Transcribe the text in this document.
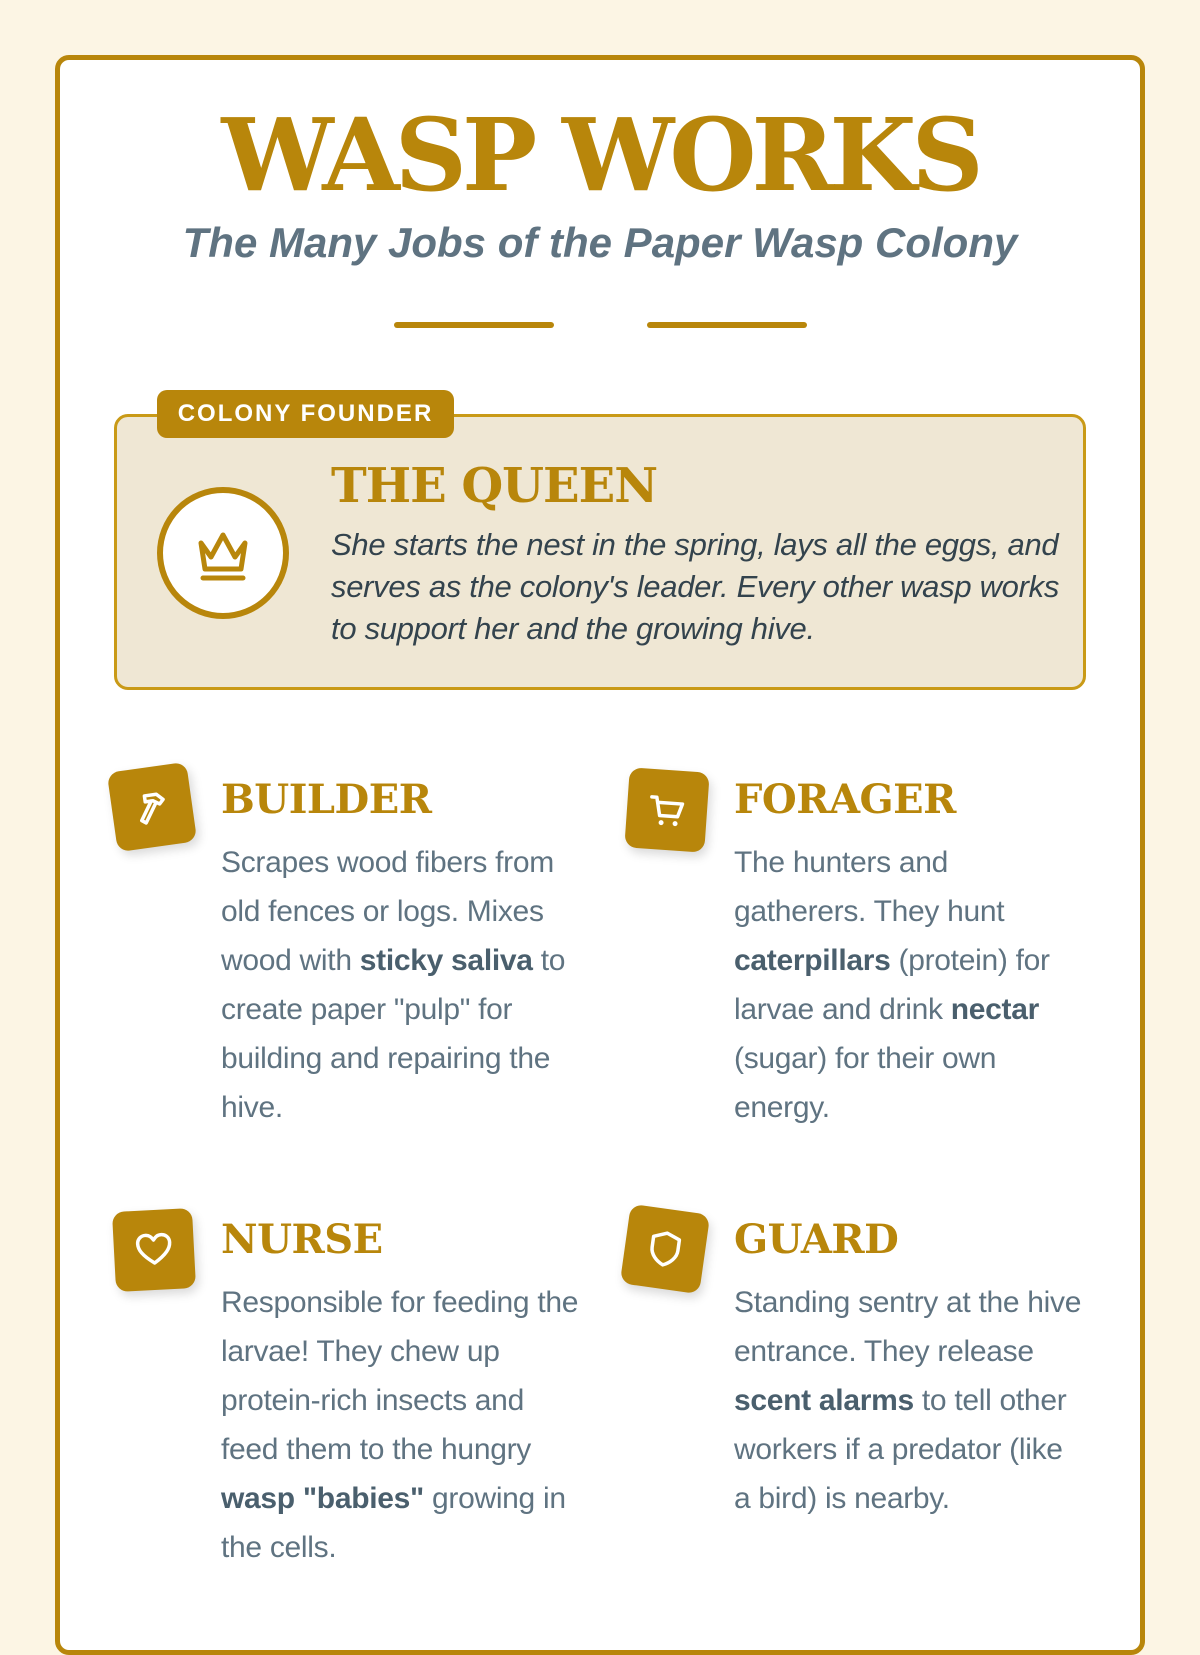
WASP WORKS
The Many Jobs of the Paper Wasp Colony
COLONY FOUNDER
THE QUEEN

She starts the nest in the spring, lays all the eggs, and serves as the colony's leader. Every other wasp works to support her and the growing hive.

BUILDER

Scrapes wood fibers from old fences or logs. Mixes wood with sticky saliva to create paper "pulp" for building and repairing the hive.

FORAGER

The hunters and gatherers. They hunt caterpillars (protein) for larvae and drink nectar (sugar) for their own energy.

NURSE

Responsible for feeding the larvae! They chew up protein-rich insects and feed them to the hungry wasp "babies" growing in the cells.

GUARD

Standing sentry at the hive entrance. They release scent alarms to tell other workers if a predator (like a bird) is nearby.
